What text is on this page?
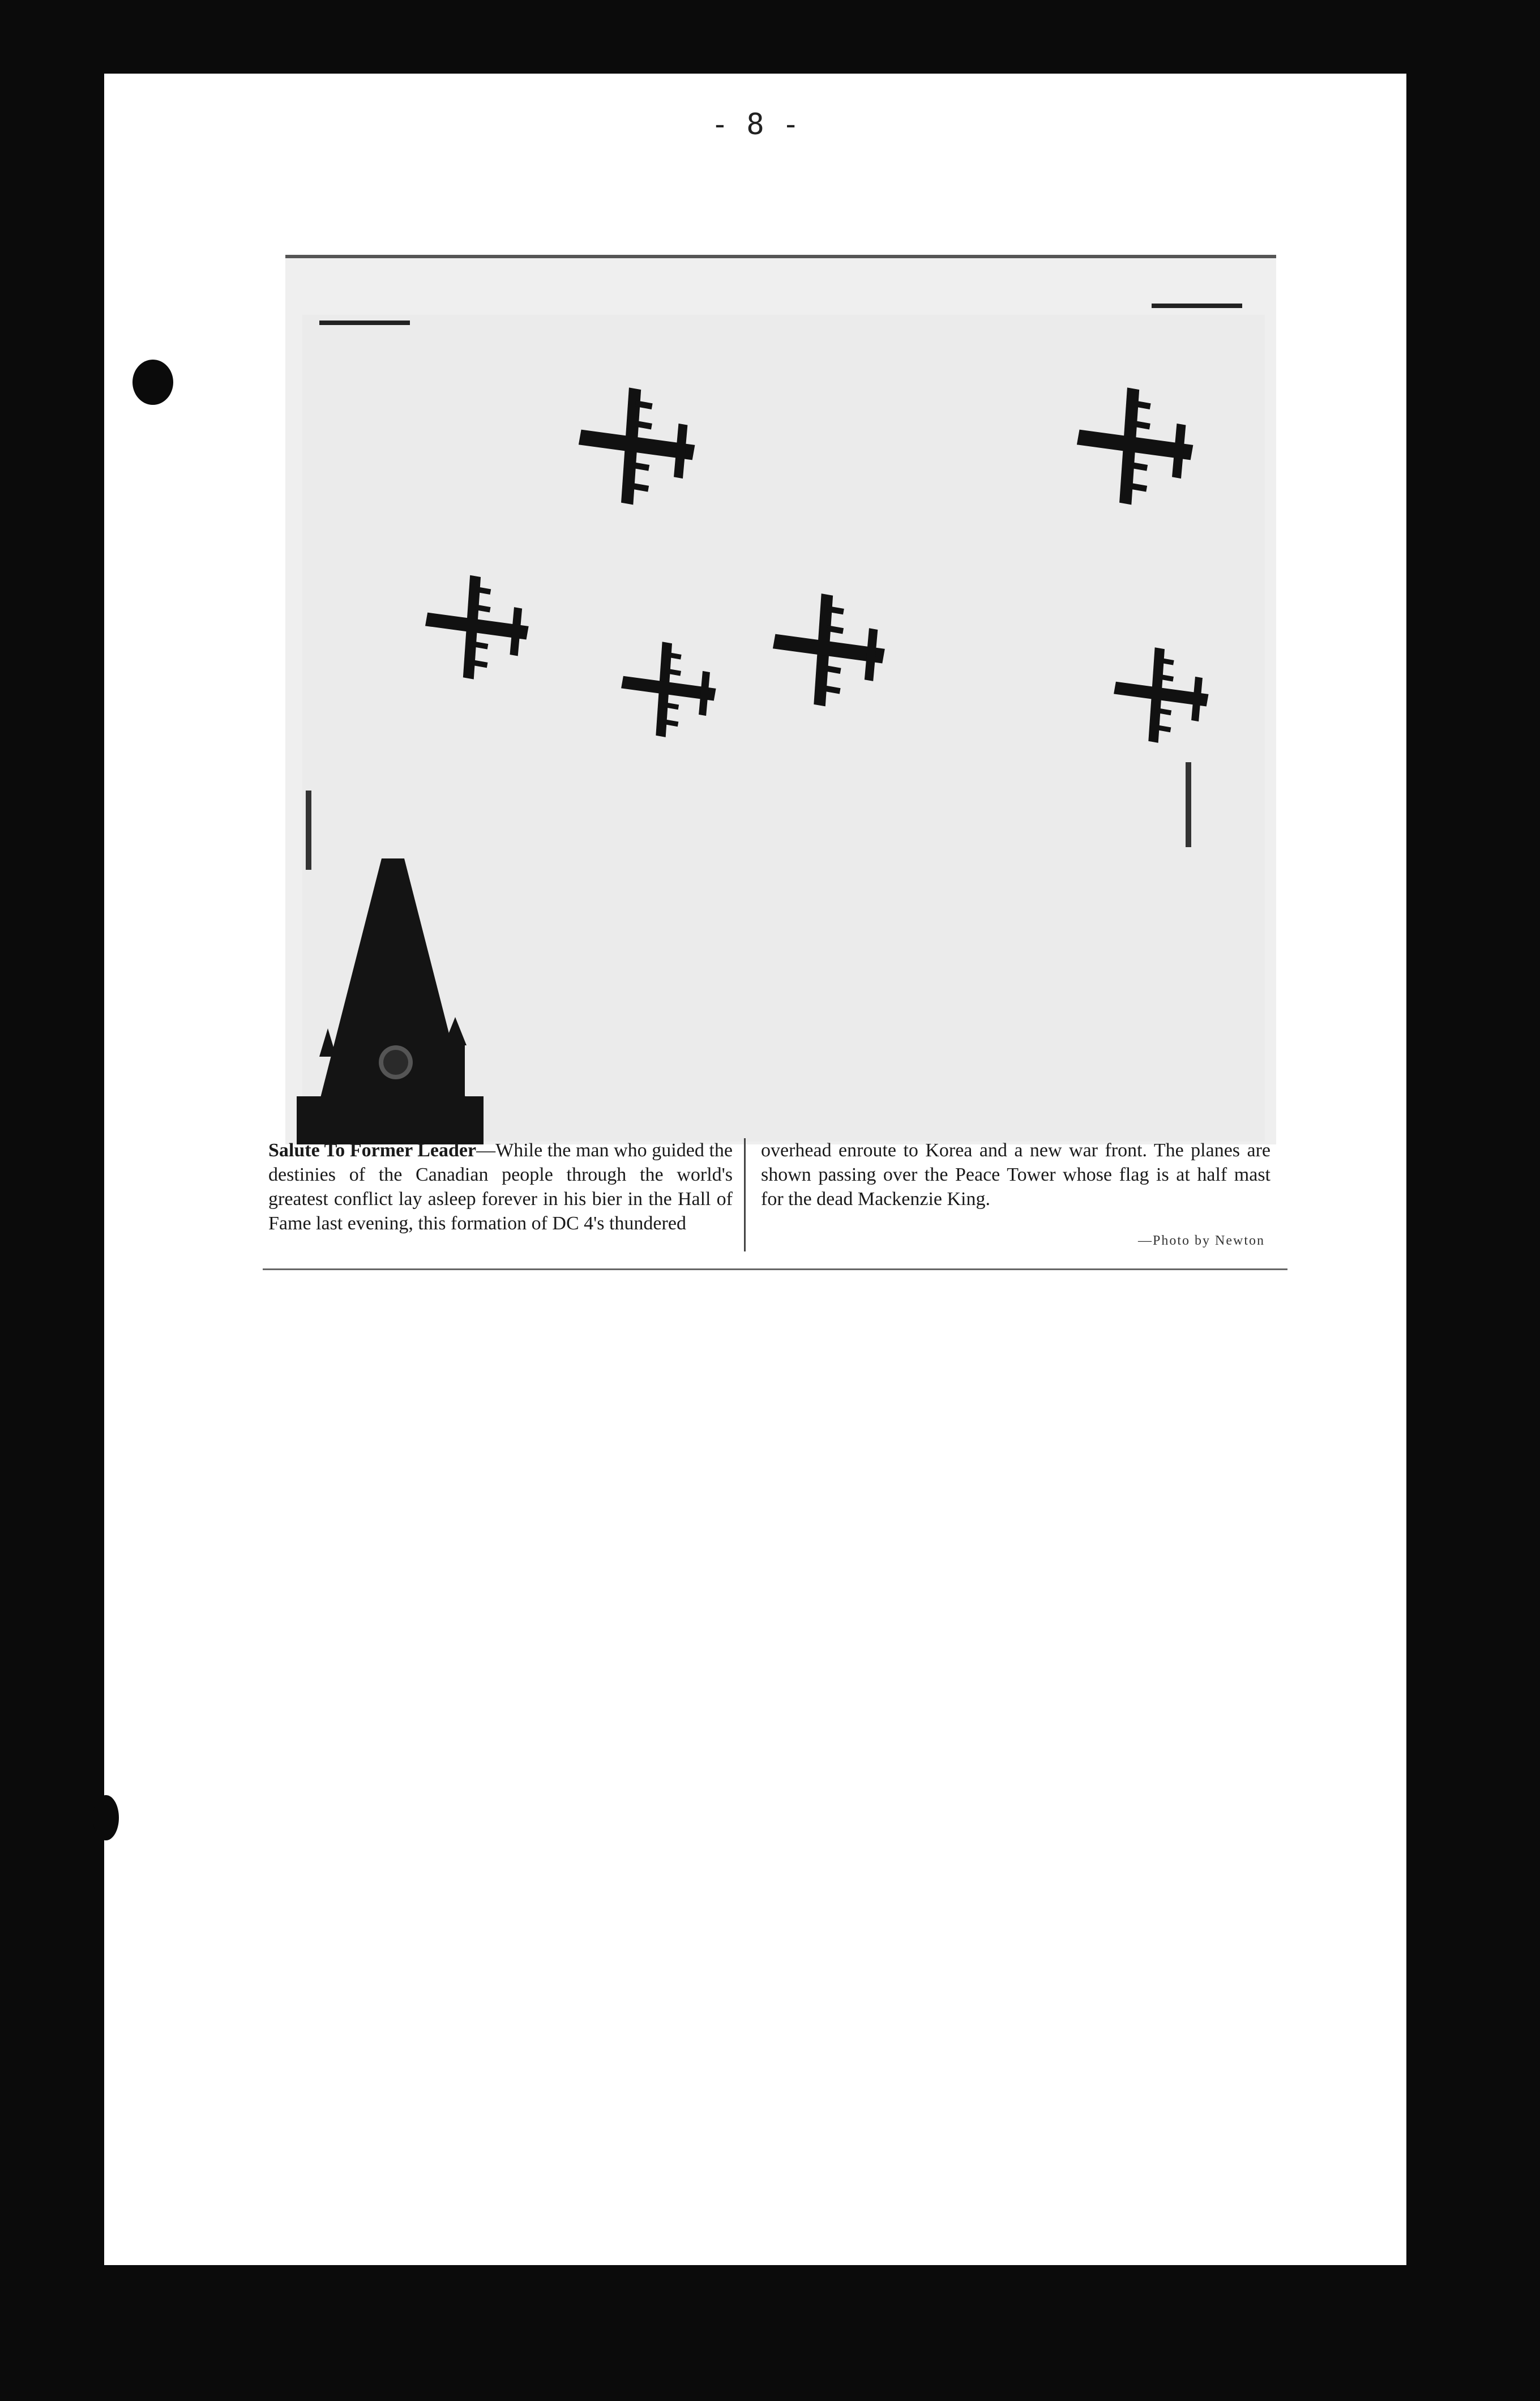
- 8 -
Salute To Former Leader—While the man who guided the destinies of the Canadian people through the world's greatest conflict lay asleep forever in his bier in the Hall of Fame last evening, this formation of DC 4's thundered
overhead enroute to Korea and a new war front. The planes are shown passing over the Peace Tower whose flag is at half mast for the dead Mackenzie King.
—Photo by Newton
